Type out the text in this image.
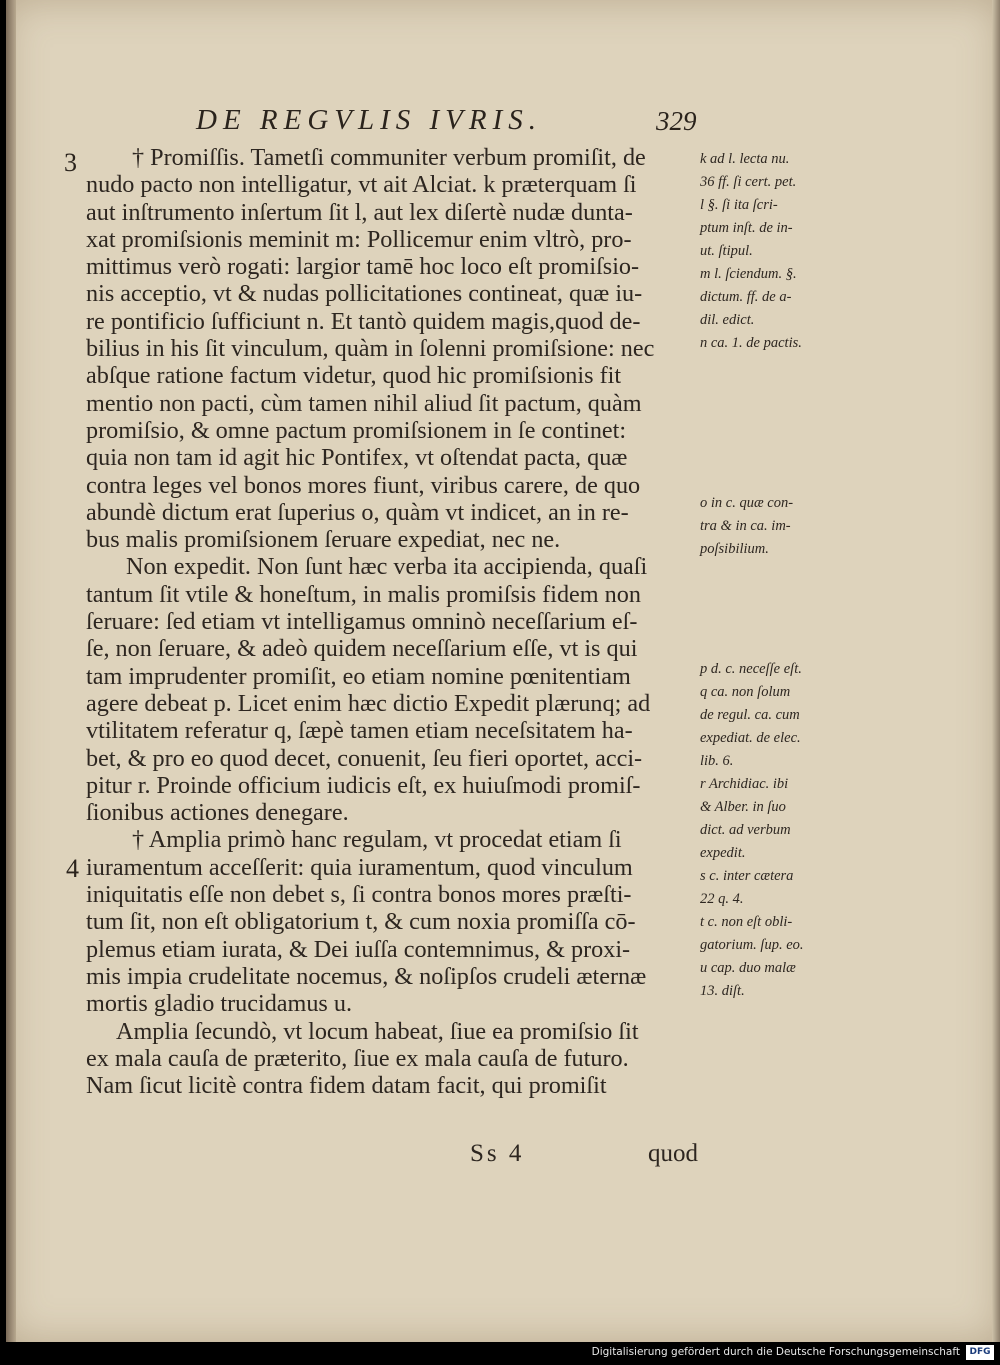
DE REGVLIS IVRIS.	329
3
4
† Promiſſis. Tametſi communiter verbum promiſit, de
nudo pacto non intelligatur, vt ait Alciat. k præterquam ſi
aut inſtrumento inſertum ſit l, aut lex diſertè nudæ dunta-
xat promiſsionis meminit m: Pollicemur enim vltrò, pro-
mittimus verò rogati: largior tamē hoc loco eſt promiſsio-
nis acceptio, vt & nudas pollicitationes contineat, quæ iu-
re pontificio ſufficiunt n. Et tantò quidem magis,quod de-
bilius in his ſit vinculum, quàm in ſolenni promiſsione: nec
abſque ratione factum videtur, quod hic promiſsionis fit
mentio non pacti, cùm tamen nihil aliud ſit pactum, quàm
promiſsio, & omne pactum promiſsionem in ſe continet:
quia non tam id agit hic Pontifex, vt oſtendat pacta, quæ
contra leges vel bonos mores fiunt, viribus carere, de quo
abundè dictum erat ſuperius o, quàm vt indicet, an in re-
bus malis promiſsionem ſeruare expediat, nec ne.
Non expedit. Non ſunt hæc verba ita accipienda, quaſi
tantum ſit vtile & honeſtum, in malis promiſsis fidem non
ſeruare: ſed etiam vt intelligamus omninò neceſſarium eſ-
ſe, non ſeruare, & adeò quidem neceſſarium eſſe, vt is qui
tam imprudenter promiſit, eo etiam nomine pœnitentiam
agere debeat p. Licet enim hæc dictio Expedit plærunq; ad
vtilitatem referatur q, ſæpè tamen etiam neceſsitatem ha-
bet, & pro eo quod decet, conuenit, ſeu fieri oportet, acci-
pitur r. Proinde officium iudicis eſt, ex huiuſmodi promiſ-
ſionibus actiones denegare.
† Amplia primò hanc regulam, vt procedat etiam ſi
iuramentum acceſſerit: quia iuramentum, quod vinculum
iniquitatis eſſe non debet s, ſi contra bonos mores præſti-
tum ſit, non eſt obligatorium t, & cum noxia promiſſa cō-
plemus etiam iurata, & Dei iuſſa contemnimus, & proxi-
mis impia crudelitate nocemus, & noſipſos crudeli æternæ
mortis gladio trucidamus u.
Amplia ſecundò, vt locum habeat, ſiue ea promiſsio ſit
ex mala cauſa de præterito, ſiue ex mala cauſa de futuro.
Nam ſicut licitè contra fidem datam facit, qui promiſit
k ad l. lecta nu.
36 ff. ſi cert. pet.
l §. ſi ita ſcri-
ptum inſt. de in-
ut. ſtipul.
m l. ſciendum. §.
dictum. ff. de a-
dil. edict.
n ca. 1. de pactis.
o in c. quæ con-
tra & in ca. im-
poſsibilium.
p d. c. neceſſe eſt.
q ca. non ſolum
de regul. ca. cum
expediat. de elec.
lib. 6.
r Archidiac. ibi
& Alber. in ſuo
dict. ad verbum
expedit.
s c. inter cætera
22 q. 4.
t c. non eſt obli-
gatorium. ſup. eo.
u cap. duo malæ
13. diſt.
Ss 4	quod
Digitalisierung gefördert durch die Deutsche Forschungsgemeinschaft	DFG
